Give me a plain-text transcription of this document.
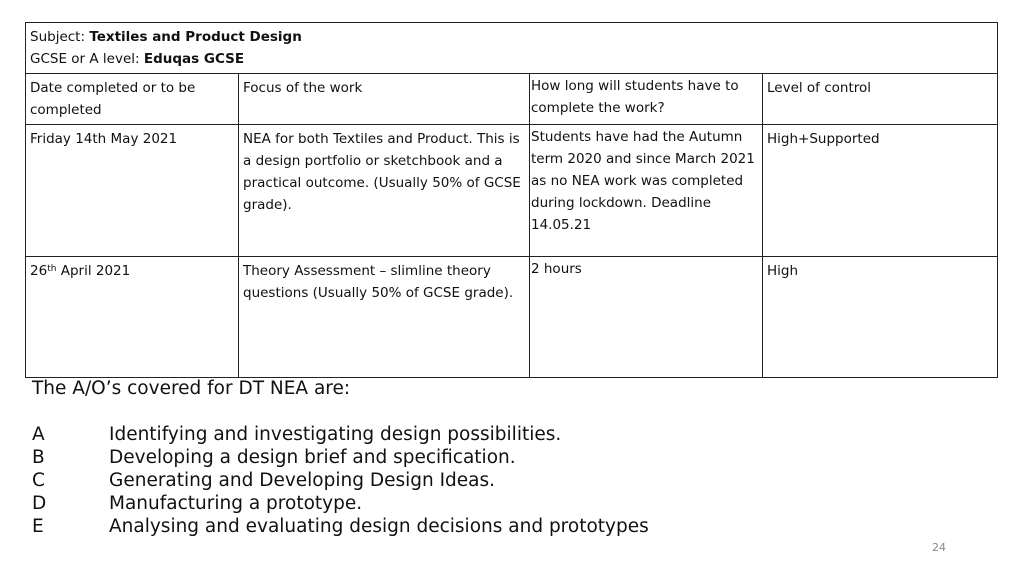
Subject: Textiles and Product Design
GCSE or A level: Eduqas GCSE			

Date completed or to be completed	Focus of the work	How long will students have to complete the work?	Level of control
Friday 14th May 2021	NEA for both Textiles and Product. This is a design portfolio or sketchbook and a practical outcome. (Usually 50% of GCSE grade).	Students have had the Autumn term 2020 and since March 2021 as no NEA work was completed during lockdown. Deadline 14.05.21	High+Supported
26th April 2021	Theory Assessment – slimline theory questions (Usually 50% of GCSE grade).	2 hours	High
The A/O’s covered for DT NEA are:
A	Identifying and investigating design possibilities.
B	Developing a design brief and specification.
C	Generating and Developing Design Ideas.
D	Manufacturing a prototype.
E	Analysing and evaluating design decisions and prototypes
24
